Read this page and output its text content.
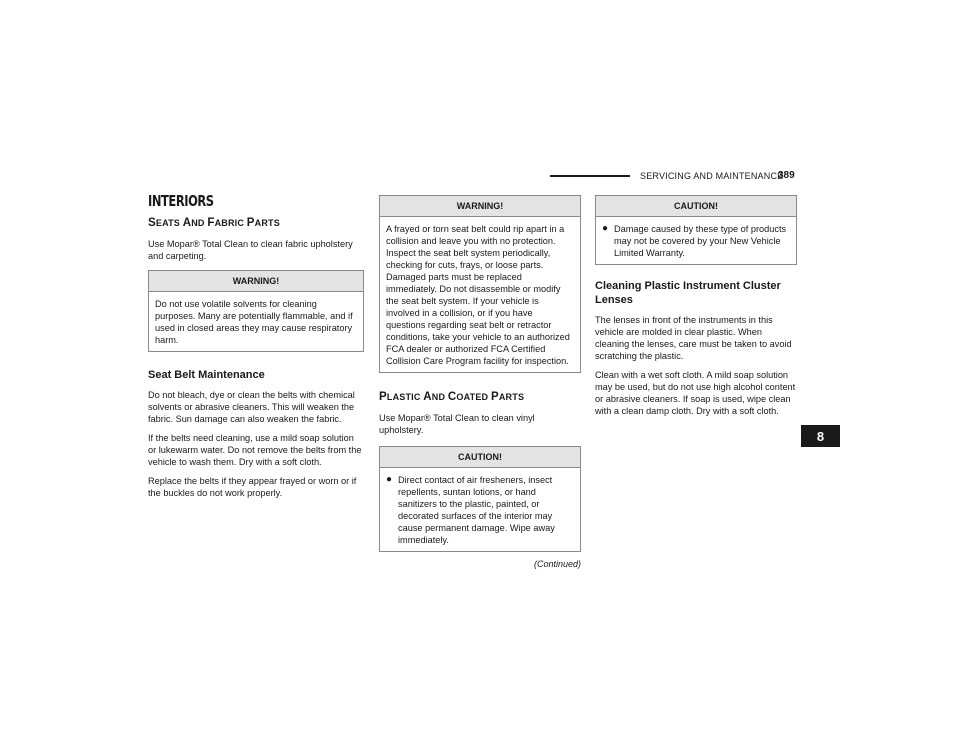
SERVICING AND MAINTENANCE
389
8
INTERIORS
SEATS AND FABRIC PARTS

Use Mopar® Total Clean to clean fabric upholstery and carpeting.

WARNING!
Do not use volatile solvents for cleaning purposes. Many are potentially flammable, and if used in closed areas they may cause respiratory harm.
Seat Belt Maintenance

Do not bleach, dye or clean the belts with chemical solvents or abrasive cleaners. This will weaken the fabric. Sun damage can also weaken the fabric.

If the belts need cleaning, use a mild soap solution or lukewarm water. Do not remove the belts from the vehicle to wash them. Dry with a soft cloth.

Replace the belts if they appear frayed or worn or if the buckles do not work properly.

WARNING!
A frayed or torn seat belt could rip apart in a collision and leave you with no protection. Inspect the seat belt system periodically, checking for cuts, frays, or loose parts. Damaged parts must be replaced immediately. Do not disassemble or modify the seat belt system. If your vehicle is involved in a collision, or if you have questions regarding seat belt or retractor conditions, take your vehicle to an authorized FCA dealer or authorized FCA Certified Collision Care Program facility for inspection.
PLASTIC AND COATED PARTS

Use Mopar® Total Clean to clean vinyl upholstery.

CAUTION!
● Direct contact of air fresheners, insect repellents, suntan lotions, or hand sanitizers to the plastic, painted, or decorated surfaces of the interior may cause permanent damage. Wipe away immediately.
(Continued)
CAUTION!
● Damage caused by these type of products may not be covered by your New Vehicle Limited Warranty.
Cleaning Plastic Instrument Cluster Lenses

The lenses in front of the instruments in this vehicle are molded in clear plastic. When cleaning the lenses, care must be taken to avoid scratching the plastic.

Clean with a wet soft cloth. A mild soap solution may be used, but do not use high alcohol content or abrasive cleaners. If soap is used, wipe clean with a clean damp cloth. Dry with a soft cloth.
